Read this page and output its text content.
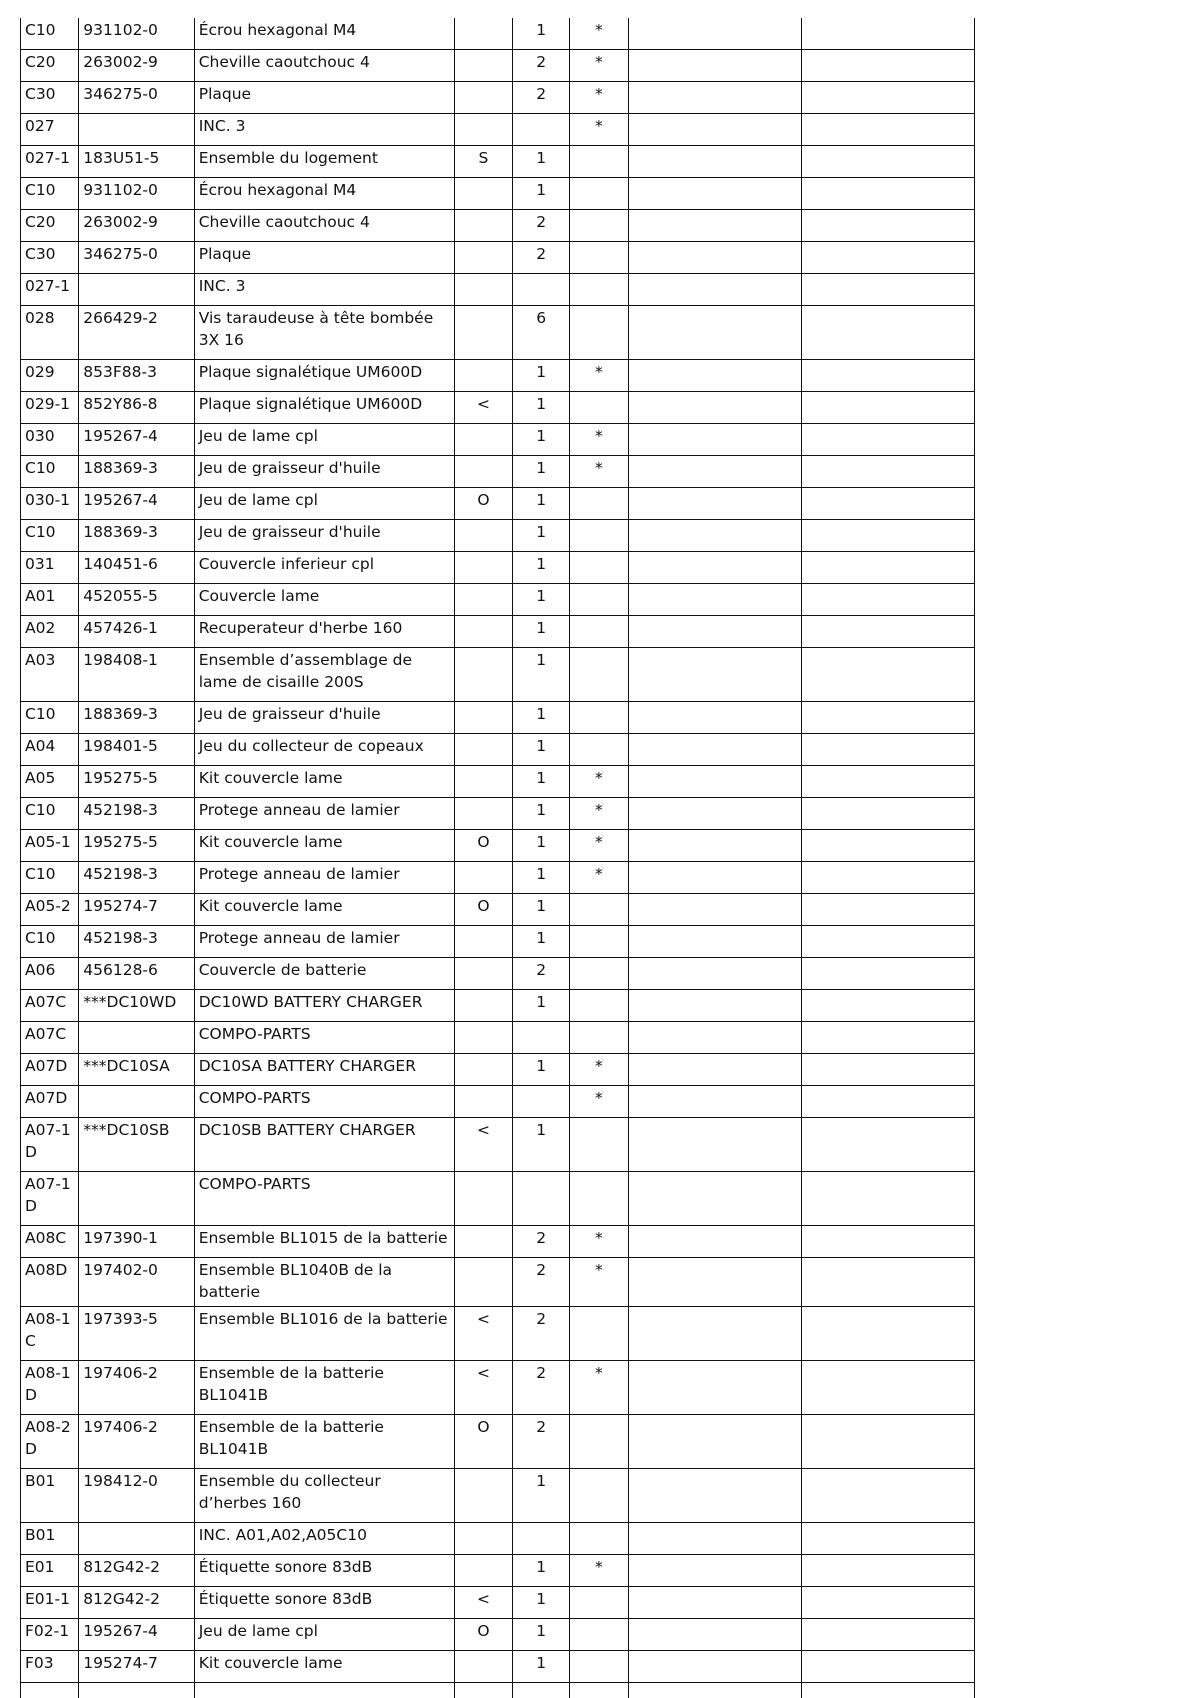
C10	931102-0	Écrou hexagonal M4		1	*		
C20	263002-9	Cheville caoutchouc 4		2	*		
C30	346275-0	Plaque		2	*		
027		INC. 3			*		
027-1	183U51-5	Ensemble du logement	S	1			
C10	931102-0	Écrou hexagonal M4		1			
C20	263002-9	Cheville caoutchouc 4		2			
C30	346275-0	Plaque		2			
027-1		INC. 3					
028	266429-2	Vis taraudeuse à tête bombée 3X 16		6			
029	853F88-3	Plaque signalétique UM600D		1	*		
029-1	852Y86-8	Plaque signalétique UM600D	<	1			
030	195267-4	Jeu de lame cpl		1	*		
C10	188369-3	Jeu de graisseur d'huile		1	*		
030-1	195267-4	Jeu de lame cpl	O	1			
C10	188369-3	Jeu de graisseur d'huile		1			
031	140451-6	Couvercle inferieur cpl		1			
A01	452055-5	Couvercle lame		1			
A02	457426-1	Recuperateur d'herbe 160		1			
A03	198408-1	Ensemble d’assemblage de lame de cisaille 200S		1			
C10	188369-3	Jeu de graisseur d'huile		1			
A04	198401-5	Jeu du collecteur de copeaux		1			
A05	195275-5	Kit couvercle lame		1	*		
C10	452198-3	Protege anneau de lamier		1	*		
A05-1	195275-5	Kit couvercle lame	O	1	*		
C10	452198-3	Protege anneau de lamier		1	*		
A05-2	195274-7	Kit couvercle lame	O	1			
C10	452198-3	Protege anneau de lamier		1			
A06	456128-6	Couvercle de batterie		2			
A07C	***DC10WD	DC10WD BATTERY CHARGER		1			
A07C		COMPO-PARTS					
A07D	***DC10SA	DC10SA BATTERY CHARGER		1	*		
A07D		COMPO-PARTS			*		
A07-1D	***DC10SB	DC10SB BATTERY CHARGER	<	1			
A07-1D		COMPO-PARTS					
A08C	197390-1	Ensemble BL1015 de la batterie		2	*		
A08D	197402-0	Ensemble BL1040B de la batterie		2	*		
A08-1C	197393-5	Ensemble BL1016 de la batterie	<	2			
A08-1D	197406-2	Ensemble de la batterie BL1041B	<	2	*		
A08-2D	197406-2	Ensemble de la batterie BL1041B	O	2			
B01	198412-0	Ensemble du collecteur d’herbes 160		1			
B01		INC. A01,A02,A05C10					
E01	812G42-2	Étiquette sonore 83dB		1	*		
E01-1	812G42-2	Étiquette sonore 83dB	<	1			
F02-1	195267-4	Jeu de lame cpl	O	1			
F03	195274-7	Kit couvercle lame		1			
